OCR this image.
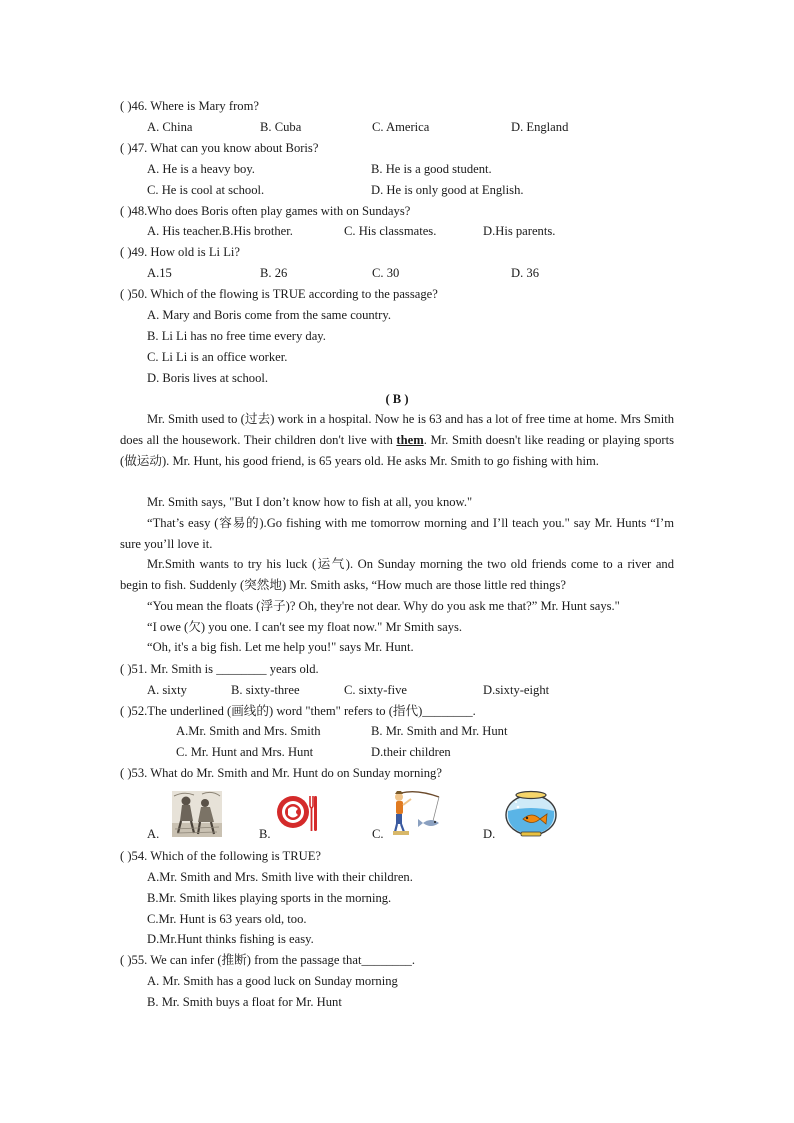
( )46. Where is Mary from?
A. China	B. Cuba	C. America	D. England
( )47. What can you know about Boris?
A. He is a heavy boy.	B. He is a good student.
C. He is cool at school.	D. He is only good at English.
( )48.Who does Boris often play games with on Sundays?
A. His teacher.B.His brother.	C. His classmates.	D.His parents.
( )49. How old is Li Li?
A.15	B. 26	C. 30	D. 36
( )50. Which of the flowing is TRUE according to the passage?
A. Mary and Boris come from the same country.
B. Li Li has no free time every day.
C. Li Li is an office worker.
D. Boris lives at school.
( B )
Mr. Smith used to (过去) work in a hospital. Now he is 63 and has a lot of free time at home. Mrs Smith does all the housework. Their children don't live with them. Mr. Smith doesn't like reading or playing sports (做运动). Mr. Hunt, his good friend, is 65 years old. He asks Mr. Smith to go fishing with him.
Mr. Smith says, "But I don’t know how to fish at all, you know."
“That’s easy (容易的).Go fishing with me tomorrow morning and I’ll teach you." say Mr. Hunts “I’m sure you’ll love it.
Mr.Smith wants to try his luck (运气). On Sunday morning the two old friends come to a river and begin to fish. Suddenly (突然地) Mr. Smith asks, “How much are those little red things?
“You mean the floats (浮子)? Oh, they're not dear. Why do you ask me that?” Mr. Hunt says."
“I owe (欠) you one. I can't see my float now." Mr Smith says.
“Oh, it's a big fish. Let me help you!" says Mr. Hunt.
( )51. Mr. Smith is ________ years old.
A. sixty	B. sixty-three	C. sixty-five	D.sixty-eight
( )52.The underlined (画线的) word "them" refers to (指代)________.
A.Mr. Smith and Mrs. Smith	B. Mr. Smith and Mr. Hunt
C. Mr. Hunt and Mrs. Hunt	D.their children
( )53. What do Mr. Smith and Mr. Hunt do on Sunday morning?
A.	B.	C.	D.
( )54. Which of the following is TRUE?
A.Mr. Smith and Mrs. Smith live with their children.
B.Mr. Smith likes playing sports in the morning.
C.Mr. Hunt is 63 years old, too.
D.Mr.Hunt thinks fishing is easy.
( )55. We can infer (推断) from the passage that________.
A. Mr. Smith has a good luck on Sunday morning
B. Mr. Smith buys a float for Mr. Hunt
